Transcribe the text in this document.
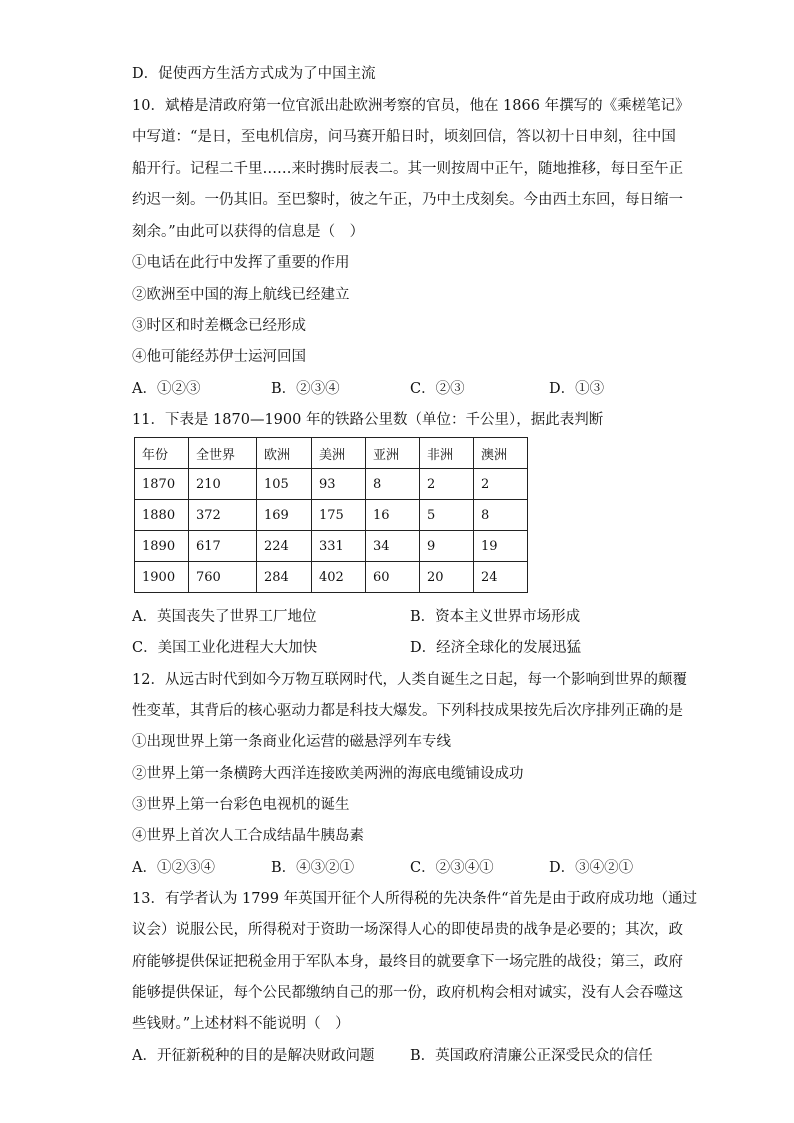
D．促使西方生活方式成为了中国主流
10．斌椿是清政府第一位官派出赴欧洲考察的官员，他在 1866 年撰写的《乘槎笔记》
中写道：“是日，至电机信房，问马赛开船日时，顷刻回信，答以初十日申刻，往中国
船开行。记程二千里……来时携时辰表二。其一则按周中正午，随地推移，每日至午正
约迟一刻。一仍其旧。至巴黎时，彼之午正，乃中土戌刻矣。今由西土东回，每日缩一
刻余。”由此可以获得的信息是（　）
①电话在此行中发挥了重要的作用
②欧洲至中国的海上航线已经建立
③时区和时差概念已经形成
④他可能经苏伊士运河回国
A．①②③	B．②③④	C．②③	D．①③
11．下表是 1870—1900 年的铁路公里数（单位：千公里），据此表判断
年份	全世界	欧洲	美洲	亚洲	非洲	澳洲
1870	210	105	93	8	2	2
1880	372	169	175	16	5	8
1890	617	224	331	34	9	19
1900	760	284	402	60	20	24
A．英国丧失了世界工厂地位	B．资本主义世界市场形成
C．美国工业化进程大大加快	D．经济全球化的发展迅猛
12．从远古时代到如今万物互联网时代，人类自诞生之日起，每一个影响到世界的颠覆
性变革，其背后的核心驱动力都是科技大爆发。下列科技成果按先后次序排列正确的是
①出现世界上第一条商业化运营的磁悬浮列车专线
②世界上第一条横跨大西洋连接欧美两洲的海底电缆铺设成功
③世界上第一台彩色电视机的诞生
④世界上首次人工合成结晶牛胰岛素
A．①②③④	B．④③②①	C．②③④①	D．③④②①
13．有学者认为 1799 年英国开征个人所得税的先决条件“首先是由于政府成功地（通过
议会）说服公民，所得税对于资助一场深得人心的即使昂贵的战争是必要的；其次，政
府能够提供保证把税金用于军队本身，最终目的就要拿下一场完胜的战役；第三，政府
能够提供保证，每个公民都缴纳自己的那一份，政府机构会相对诚实，没有人会吞噬这
些钱财。”上述材料不能说明（　）
A．开征新税种的目的是解决财政问题 B．英国政府清廉公正深受民众的信任
